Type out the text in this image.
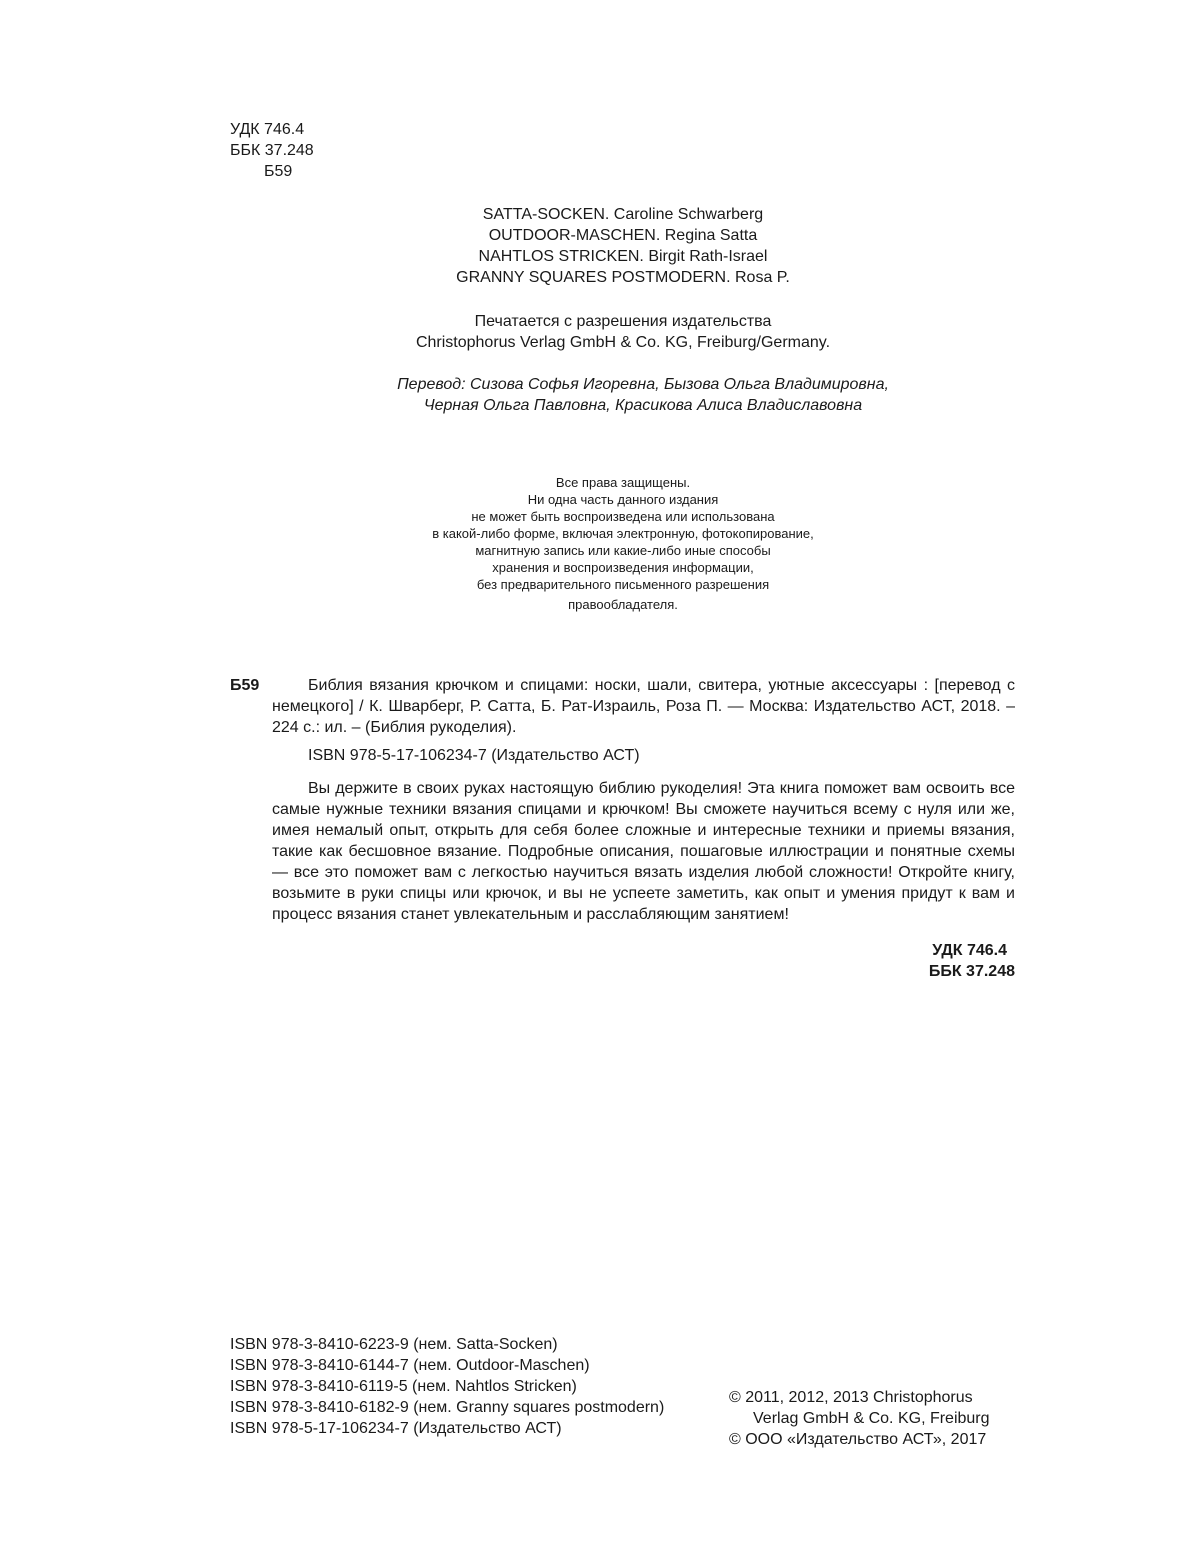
УДК 746.4
ББК 37.248
Б59
SATTA-SOCKEN. Caroline Schwarberg
OUTDOOR-MASCHEN. Regina Satta
NAHTLOS STRICKEN. Birgit Rath-Israel
GRANNY SQUARES POSTMODERN. Rosa P.
Печатается с разрешения издательства
Christophorus Verlag GmbH & Co. KG, Freiburg/Germany.
Перевод: Сизова Софья Игоревна, Бызова Ольга Владимировна,
Черная Ольга Павловна, Красикова Алиса Владиславовна
Все права защищены.
Ни одна часть данного издания
не может быть воспроизведена или использована
в какой-либо форме, включая электронную, фотокопирование,
магнитную запись или какие-либо иные способы
хранения и воспроизведения информации,
без предварительного письменного разрешения
правообладателя.
Б59	Библия вязания крючком и спицами: носки, шали, свитера, уютные аксессуары : [перевод с немецкого] / К. Шварберг, Р. Сатта, Б. Рат-Израиль, Роза П. — Москва: Издательство АСТ, 2018. – 224 с.: ил. – (Библия рукоделия).
ISBN 978-5-17-106234-7 (Издательство АСТ)
Вы держите в своих руках настоящую библию рукоделия! Эта книга поможет вам освоить все самые нужные техники вязания спицами и крючком! Вы сможете научиться всему с нуля или же, имея немалый опыт, открыть для себя более сложные и интересные техники и приемы вязания, такие как бесшовное вязание. Подробные описания, пошаговые иллюстрации и понятные схемы — все это поможет вам с легкостью научиться вязать изделия любой сложности! Откройте книгу, возьмите в руки спицы или крючок, и вы не успеете заметить, как опыт и умения придут к вам и процесс вязания станет увлекательным и расслабляющим занятием!
УДК 746.4
ББК 37.248
ISBN 978-3-8410-6223-9 (нем. Satta-Socken)
ISBN 978-3-8410-6144-7 (нем. Outdoor-Maschen)
ISBN 978-3-8410-6119-5 (нем. Nahtlos Stricken)
ISBN 978-3-8410-6182-9 (нем. Granny squares postmodern)
ISBN 978-5-17-106234-7 (Издательство АСТ)
© 2011, 2012, 2013 Christophorus
Verlag GmbH & Co. KG, Freiburg
© ООО «Издательство АСТ», 2017
